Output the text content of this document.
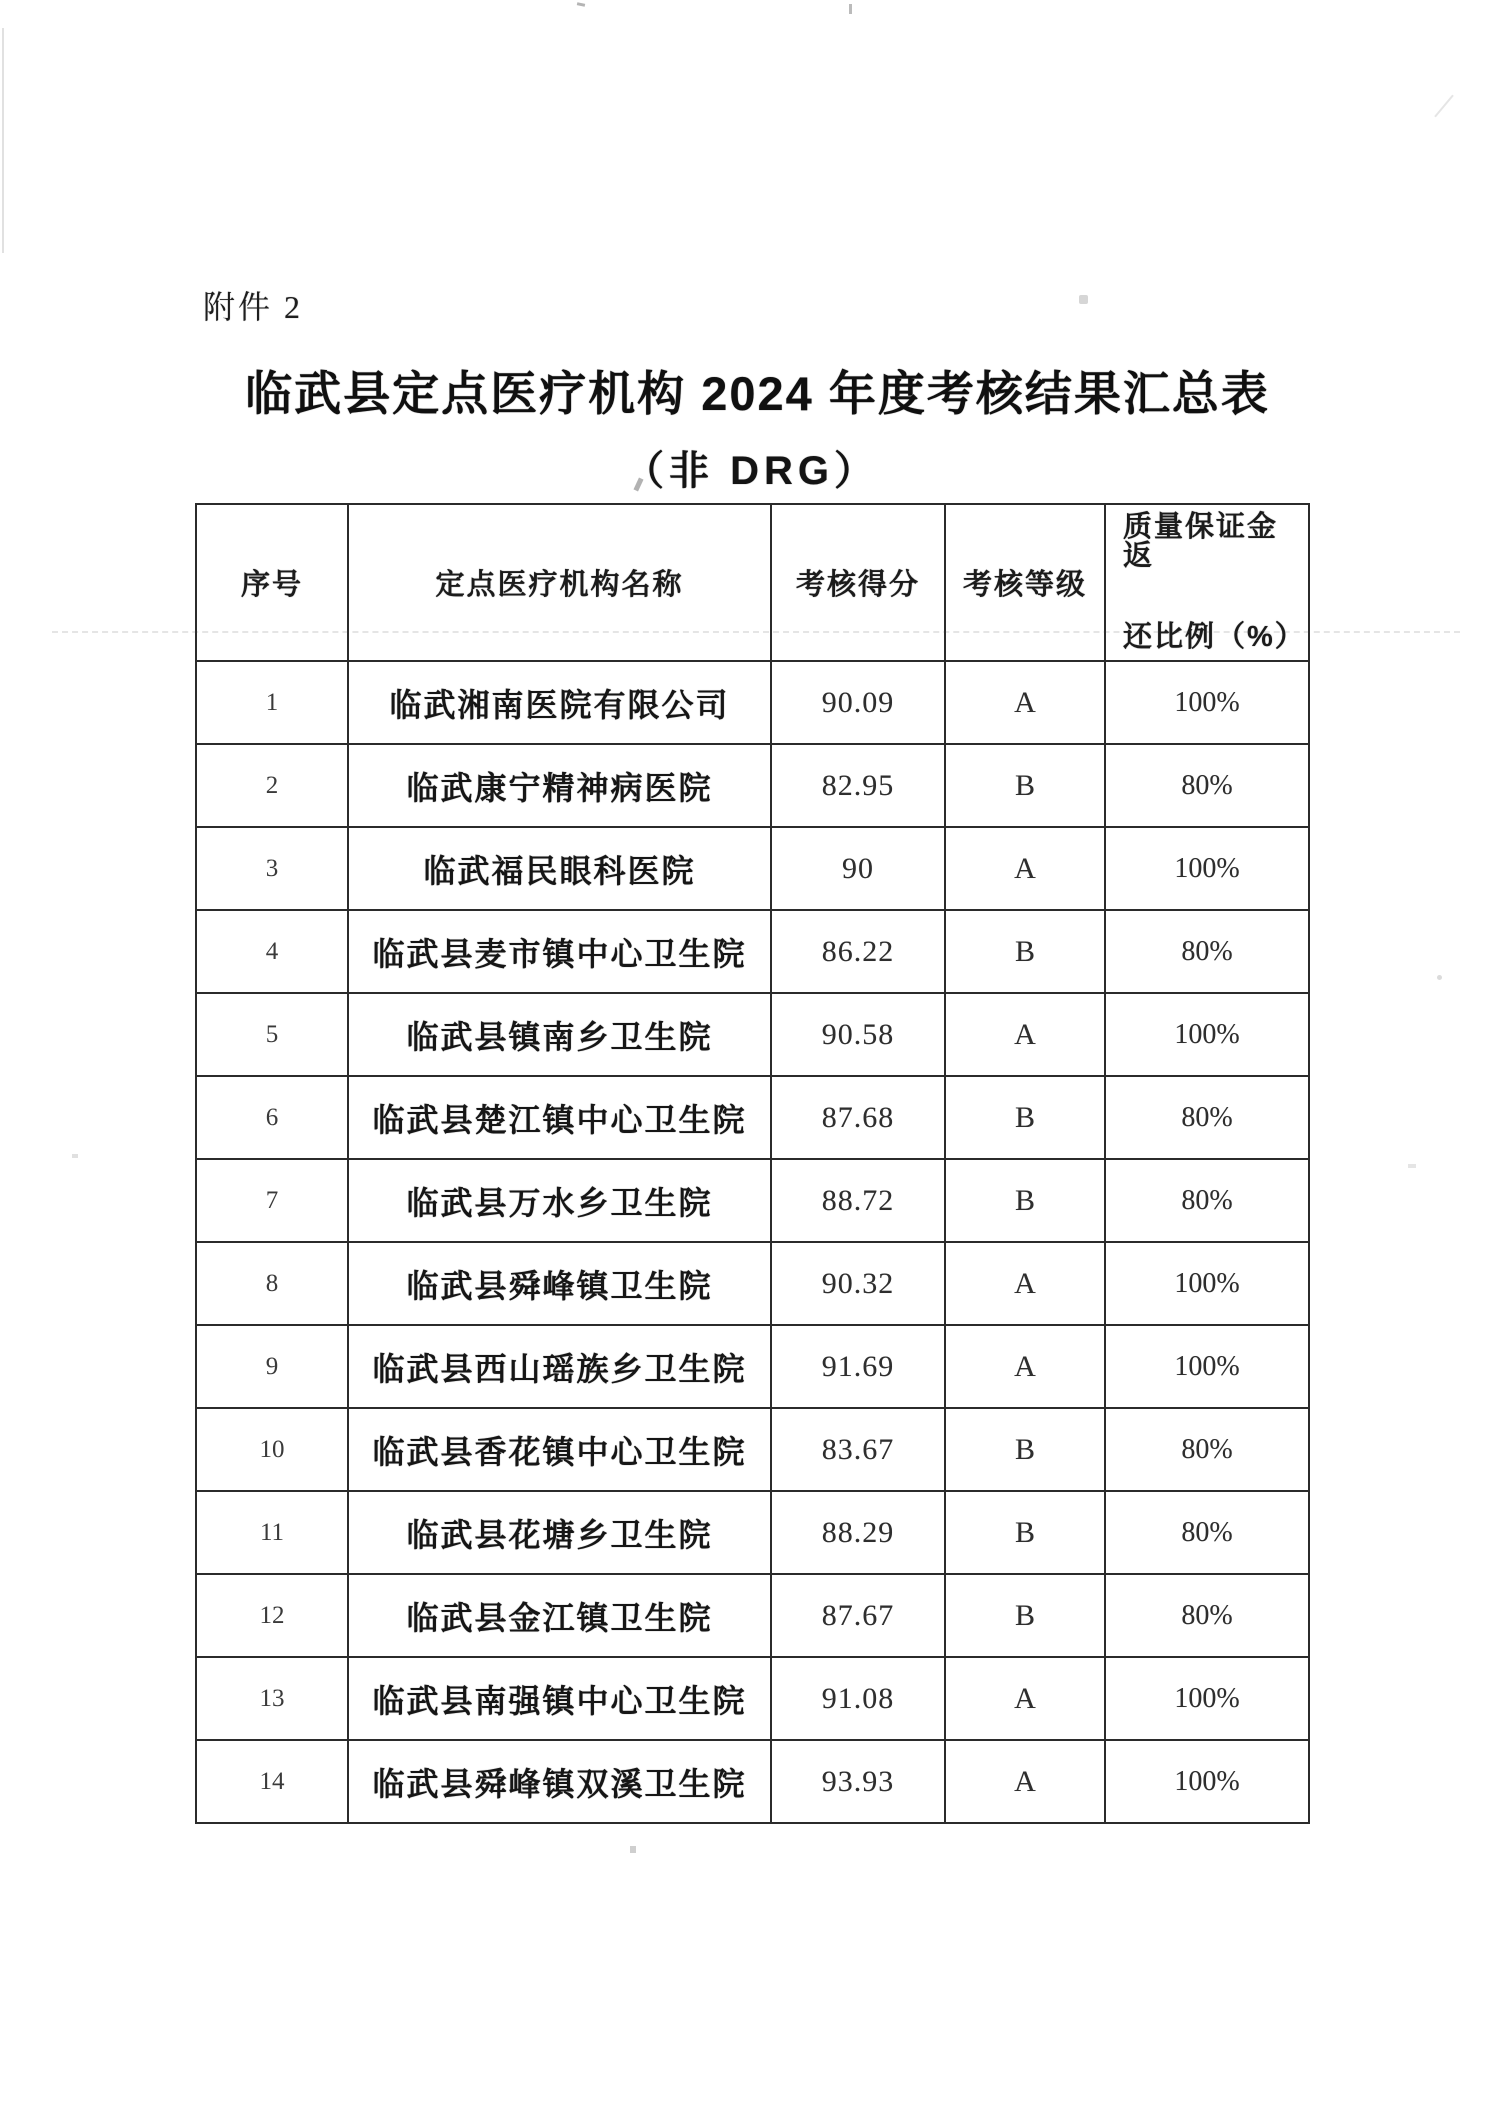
附件 2
临武县定点医疗机构 2024 年度考核结果汇总表
（非 DRG）
序号	定点医疗机构名称	考核得分	考核等级	质量保证金返
还比例（%）

1	临武湘南医院有限公司	90.09	A	100%
2	临武康宁精神病医院	82.95	B	80%
3	临武福民眼科医院	90	A	100%
4	临武县麦市镇中心卫生院	86.22	B	80%
5	临武县镇南乡卫生院	90.58	A	100%
6	临武县楚江镇中心卫生院	87.68	B	80%
7	临武县万水乡卫生院	88.72	B	80%
8	临武县舜峰镇卫生院	90.32	A	100%
9	临武县西山瑶族乡卫生院	91.69	A	100%
10	临武县香花镇中心卫生院	83.67	B	80%
11	临武县花塘乡卫生院	88.29	B	80%
12	临武县金江镇卫生院	87.67	B	80%
13	临武县南强镇中心卫生院	91.08	A	100%
14	临武县舜峰镇双溪卫生院	93.93	A	100%
